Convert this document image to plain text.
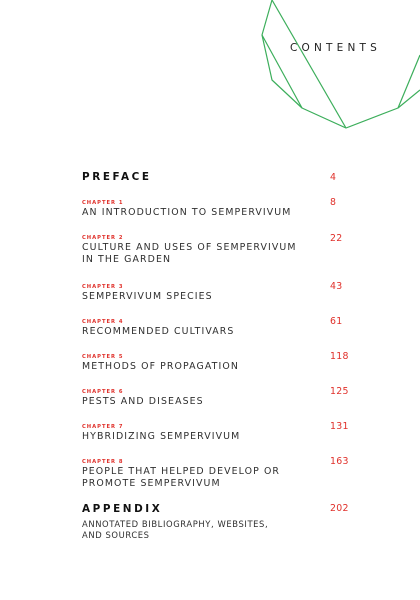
CONTENTS
PREFACE	4
CHAPTER 1
AN INTRODUCTION TO SEMPERVIVUM
8
CHAPTER 2
CULTURE AND USES OF SEMPERVIVUM
IN THE GARDEN
22
CHAPTER 3
SEMPERVIVUM SPECIES
43
CHAPTER 4
RECOMMENDED CULTIVARS
61
CHAPTER 5
METHODS OF PROPAGATION
118
CHAPTER 6
PESTS AND DISEASES
125
CHAPTER 7
HYBRIDIZING SEMPERVIVUM
131
CHAPTER 8
PEOPLE THAT HELPED DEVELOP OR
PROMOTE SEMPERVIVUM
163
APPENDIX
ANNOTATED BIBLIOGRAPHY, WEBSITES,
AND SOURCES
202
